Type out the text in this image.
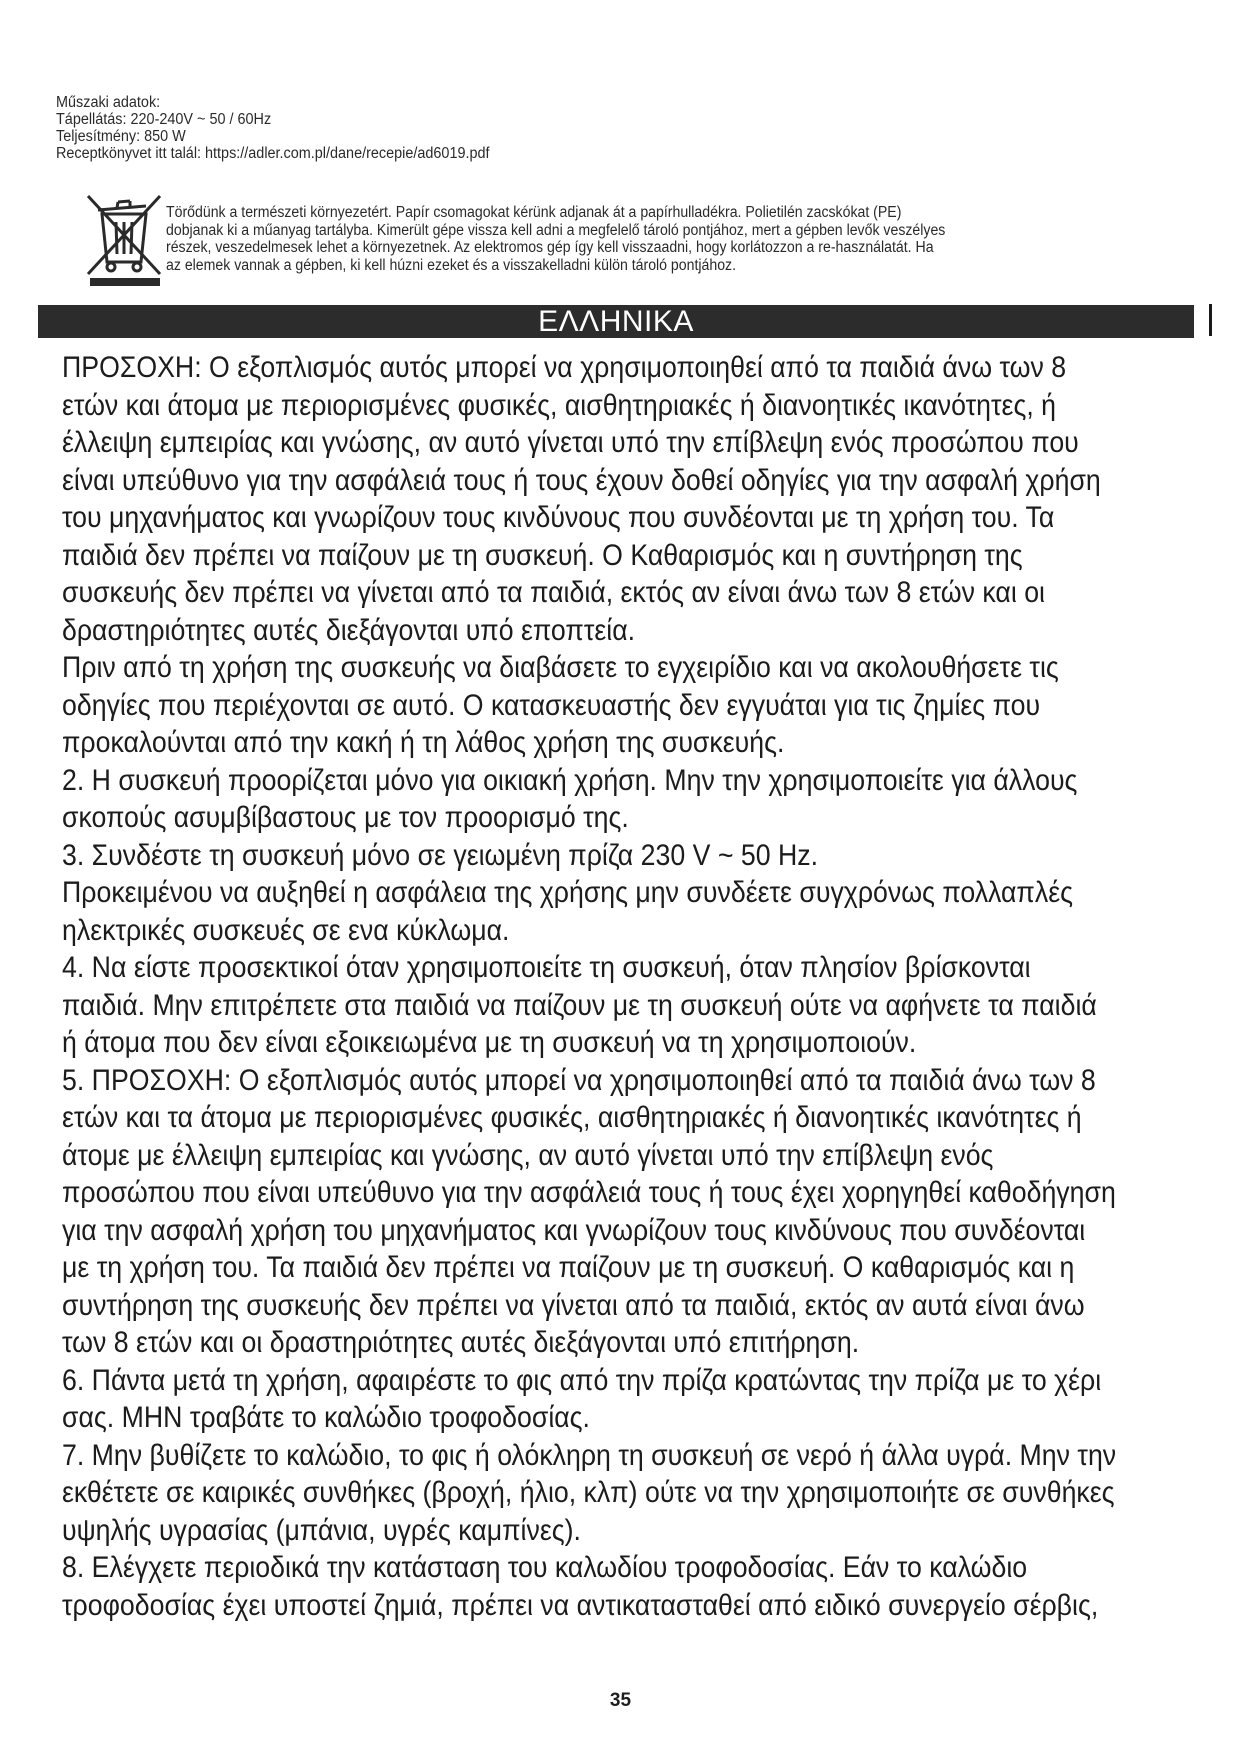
Műszaki adatok:
Tápellátás: 220-240V ~ 50 / 60Hz
Teljesítmény: 850 W
Receptkönyvet itt talál: https://adler.com.pl/dane/recepie/ad6019.pdf
Törődünk a természeti környezetért. Papír csomagokat kérünk adjanak át a papírhulladékra. Polietilén zacskókat (PE)
dobjanak ki a műanyag tartályba. Kimerült gépe vissza kell adni a megfelelő tároló pontjához, mert a gépben levők veszélyes
részek, veszedelmesek lehet a környezetnek. Az elektromos gép így kell visszaadni, hogy korlátozzon a re-használatát. Ha
az elemek vannak a gépben, ki kell húzni ezeket és a visszakelladni külön tároló pontjához.
ΕΛΛΗΝΙΚΑ
ΠΡΟΣΟΧΗ: Ο εξοπλισμός αυτός μπορεί να χρησιμοποιηθεί από τα παιδιά άνω των 8
ετών και άτομα με περιορισμένες φυσικές, αισθητηριακές ή διανοητικές ικανότητες, ή
έλλειψη εμπειρίας και γνώσης, αν αυτό γίνεται υπό την επίβλεψη ενός προσώπου που
είναι υπεύθυνο για την ασφάλειά τους ή τους έχουν δοθεί οδηγίες για την ασφαλή χρήση
του μηχανήματος και γνωρίζουν τους κινδύνους που συνδέονται με τη χρήση του. Τα
παιδιά δεν πρέπει να παίζουν με τη συσκευή. Ο Καθαρισμός και η συντήρηση της
συσκευής δεν πρέπει να γίνεται από τα παιδιά, εκτός αν είναι άνω των 8 ετών και οι
δραστηριότητες αυτές διεξάγονται υπό εποπτεία.
Πριν από τη χρήση της συσκευής να διαβάσετε το εγχειρίδιο και να ακολουθήσετε τις
οδηγίες που περιέχονται σε αυτό. Ο κατασκευαστής δεν εγγυάται για τις ζημίες που
προκαλούνται από την κακή ή τη λάθος χρήση της συσκευής.
2. Η συσκευή προορίζεται μόνο για οικιακή χρήση. Μην την χρησιμοποιείτε για άλλους
σκοπούς ασυμβίβαστους με τον προορισμό της.
3. Συνδέστε τη συσκευή μόνο σε γειωμένη πρίζα 230 V ~ 50 Hz.
Προκειμένου να αυξηθεί η ασφάλεια της χρήσης μην συνδέετε συγχρόνως πολλαπλές
ηλεκτρικές συσκευές σε ενα κύκλωμα.
4. Να είστε προσεκτικοί όταν χρησιμοποιείτε τη συσκευή, όταν πλησίον βρίσκονται
παιδιά. Μην επιτρέπετε στα παιδιά να παίζουν με τη συσκευή ούτε να αφήνετε τα παιδιά
ή άτομα που δεν είναι εξοικειωμένα με τη συσκευή να τη χρησιμοποιούν.
5. ΠΡΟΣΟΧΗ: Ο εξοπλισμός αυτός μπορεί να χρησιμοποιηθεί από τα παιδιά άνω των 8
ετών και τα άτομα με περιορισμένες φυσικές, αισθητηριακές ή διανοητικές ικανότητες ή
άτομε με έλλειψη εμπειρίας και γνώσης, αν αυτό γίνεται υπό την επίβλεψη ενός
προσώπου που είναι υπεύθυνο για την ασφάλειά τους ή τους έχει χορηγηθεί καθοδήγηση
για την ασφαλή χρήση του μηχανήματος και γνωρίζουν τους κινδύνους που συνδέονται
με τη χρήση του. Τα παιδιά δεν πρέπει να παίζουν με τη συσκευή. Ο καθαρισμός και η
συντήρηση της συσκευής δεν πρέπει να γίνεται από τα παιδιά, εκτός αν αυτά είναι άνω
των 8 ετών και οι δραστηριότητες αυτές διεξάγονται υπό επιτήρηση.
6. Πάντα μετά τη χρήση, αφαιρέστε το φις από την πρίζα κρατώντας την πρίζα με το χέρι
σας. ΜΗΝ τραβάτε το καλώδιο τροφοδοσίας.
7. Μην βυθίζετε το καλώδιο, το φις ή ολόκληρη τη συσκευή σε νερό ή άλλα υγρά. Μην την
εκθέτετε σε καιρικές συνθήκες (βροχή, ήλιο, κλπ) ούτε να την χρησιμοποιήτε σε συνθήκες
υψηλής υγρασίας (μπάνια, υγρές καμπίνες).
8. Ελέγχετε περιοδικά την κατάσταση του καλωδίου τροφοδοσίας. Εάν το καλώδιο
τροφοδοσίας έχει υποστεί ζημιά, πρέπει να αντικατασταθεί από ειδικό συνεργείο σέρβις,
35
